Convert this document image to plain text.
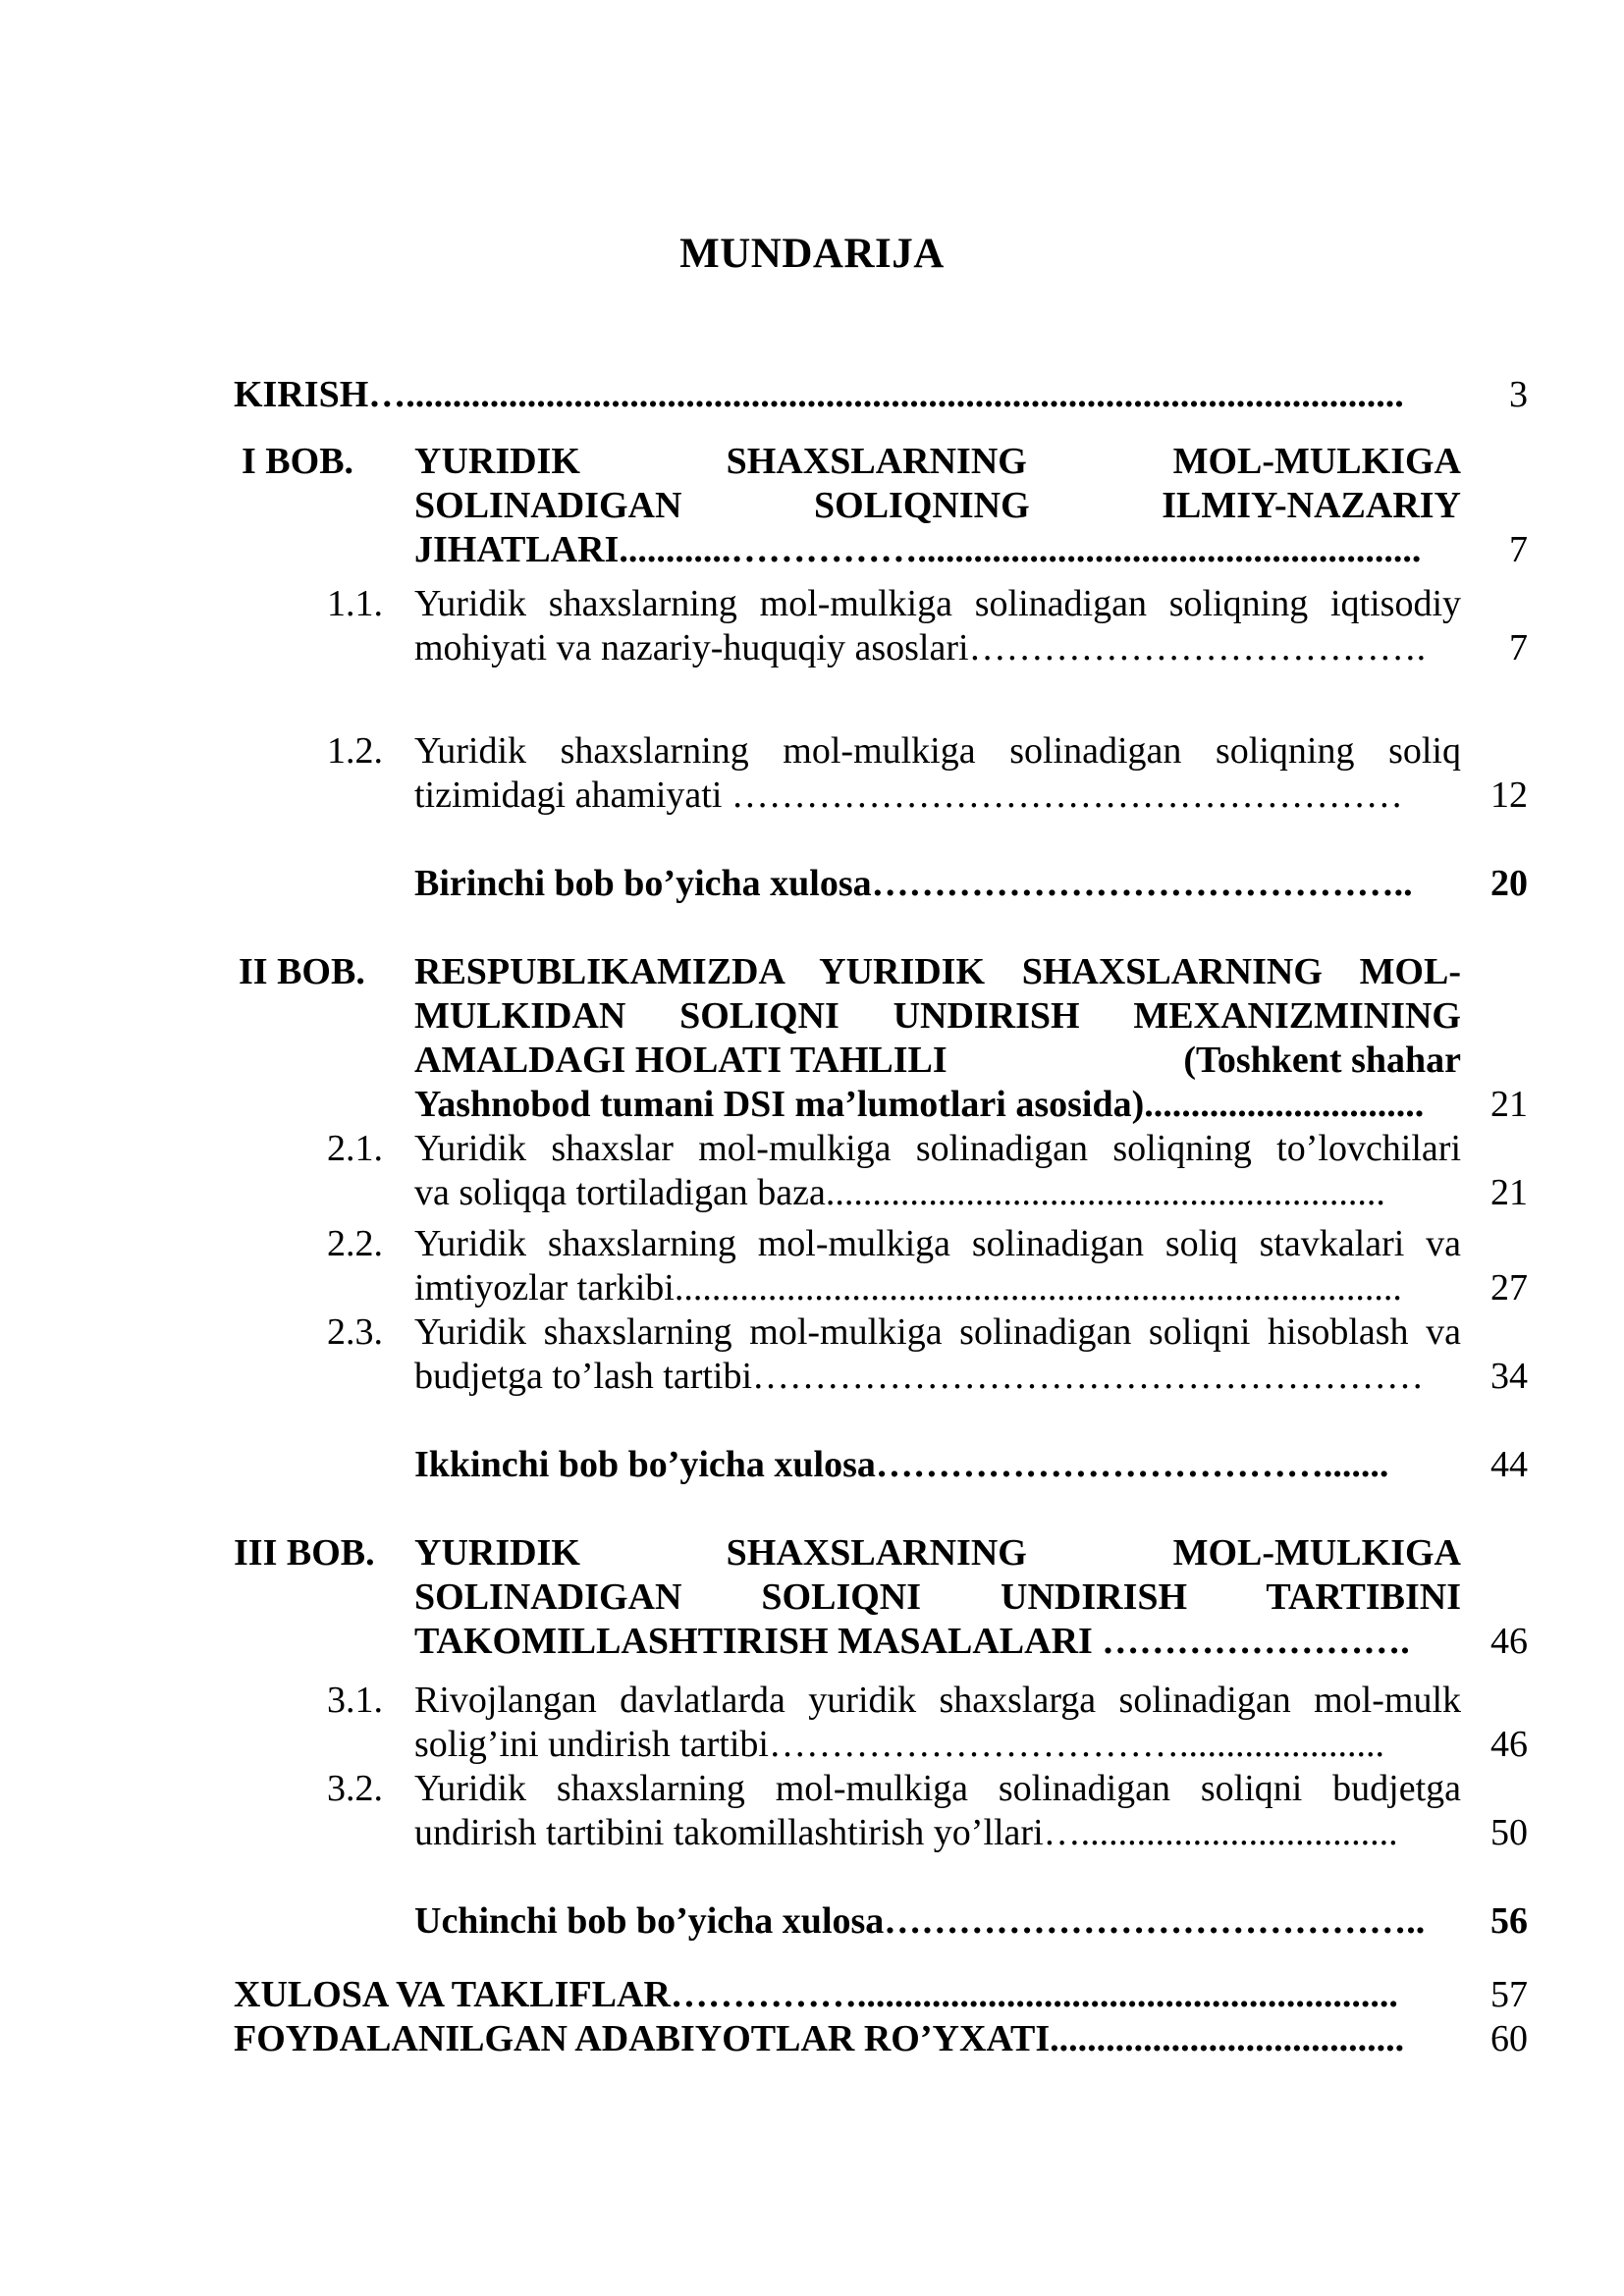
MUNDARIJA
KIRISH…...........................................................................................................	3
I BOB. YURIDIK SHAXSLARNING MOL-MULKIGA
SOLINADIGAN SOLIQNING ILMIY-NAZARIY
JIHATLARI............……………......................................................	7
1.1. Yuridik shaxslarning mol-mulkiga solinadigan soliqning iqtisodiy
mohiyati va nazariy-huquqiy asoslari……………………………….	7
1.2. Yuridik shaxslarning mol-mulkiga solinadigan soliqning soliq
tizimidagi ahamiyati ………………………………………………	12
Birinchi bob bo’yicha xulosa……………………………………..	20
II BOB. RESPUBLIKAMIZDA YURIDIK SHAXSLARNING MOL-
MULKIDAN SOLIQNI UNDIRISH MEXANIZMINING
AMALDAGI HOLATI TAHLILI	(Toshkent shahar
Yashnobod tumani DSI ma’lumotlari asosida)..............................	21
2.1. Yuridik shaxslar mol-mulkiga solinadigan soliqning to’lovchilari
va soliqqa tortiladigan baza............................................................	21
2.2. Yuridik shaxslarning mol-mulkiga solinadigan soliq stavkalari va
imtiyozlar tarkibi..............................................................................	27
2.3. Yuridik shaxslarning mol-mulkiga solinadigan soliqni hisoblash va
budjetga to’lash tartibi………………………………………………	34
Ikkinchi bob bo’yicha xulosa……………………………….......	44
III BOB. YURIDIK SHAXSLARNING MOL-MULKIGA
SOLINADIGAN SOLIQNI UNDIRISH TARTIBINI
TAKOMILLASHTIRISH MASALALARI …………………….	46
3.1. Rivojlangan davlatlarda yuridik shaxslarga solinadigan mol-mulk
solig’ini undirish tartibi……………………………......................	46
3.2. Yuridik shaxslarning mol-mulkiga solinadigan soliqni budjetga
undirish tartibini takomillashtirish yo’llari…..................................	50
Uchinchi bob bo’yicha xulosa……………………………………..	56
XULOSA VA TAKLIFLAR……………..........................................................	57
FOYDALANILGAN ADABIYOTLAR RO’YXATI......................................	60
